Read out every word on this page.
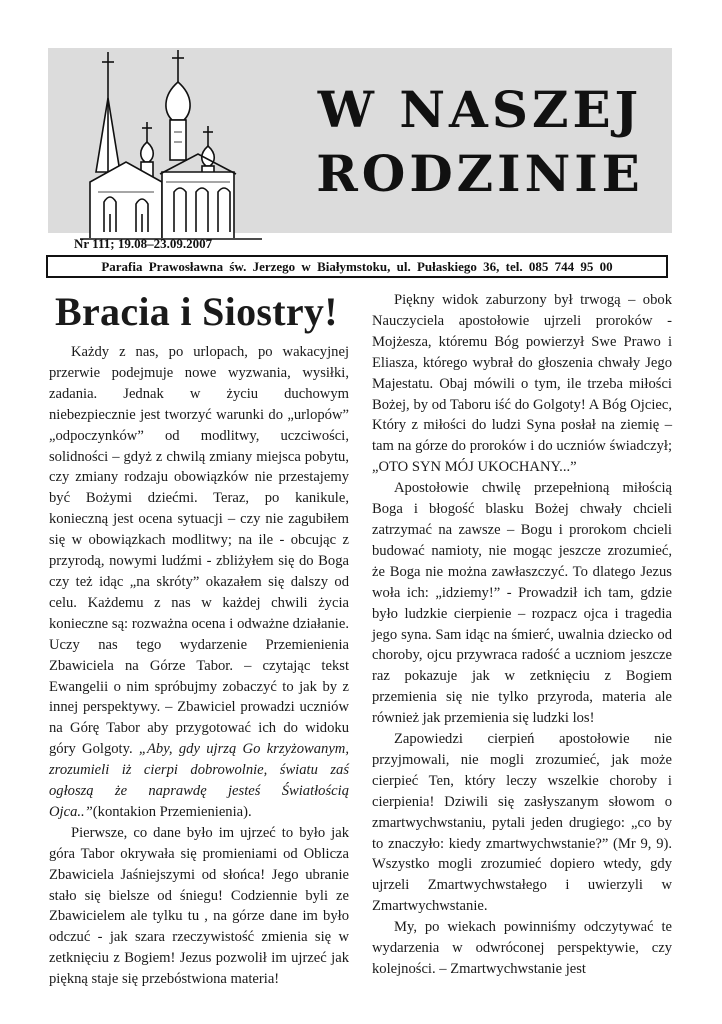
W NASZEJ
RODZINIE
Nr 111; 19.08–23.09.2007
Parafia Prawosławna św. Jerzego w Białymstoku, ul. Pułaskiego 36, tel. 085 744 95 00
Bracia i Siostry!

Każdy z nas, po urlopach, po wakacyjnej przerwie podejmuje nowe wyzwania, wysiłki, zadania. Jednak w życiu duchowym niebezpiecznie jest tworzyć warunki do „urlopów” „odpoczynków” od modlitwy, uczciwości, solidności – gdyż z chwilą zmiany miejsca pobytu, czy zmiany rodzaju obowiązków nie przestajemy być Bożymi dziećmi. Teraz, po kanikule, konieczną jest ocena sytuacji – czy nie zagubiłem się w obowiązkach modlitwy; na ile - obcując z przyrodą, nowymi ludźmi - zbliżyłem się do Boga czy też idąc „na skróty” okazałem się dalszy od celu. Każdemu z nas w każdej chwili życia konieczne są: rozważna ocena i odważne działanie. Uczy nas tego wydarzenie Przemienienia Zbawiciela na Górze Tabor. – czytając tekst Ewangelii o nim spróbujmy zobaczyć to jak by z innej perspektywy. – Zbawiciel prowadzi uczniów na Górę Tabor aby przygotować ich do widoku góry Golgoty. „Aby, gdy ujrzą Go krzyżowanym, zrozumieli iż cierpi dobrowolnie, światu zaś ogłoszą że naprawdę jesteś Światłością Ojca..”(kontakion Przemienienia).

Pierwsze, co dane było im ujrzeć to było jak góra Tabor okrywała się promieniami od Oblicza Zbawiciela Jaśniejszymi od słońca! Jego ubranie stało się bielsze od śniegu! Codziennie byli ze Zbawicielem ale tylku tu , na górze dane im było odczuć - jak szara rzeczywistość zmienia się w zetknięciu z Bogiem! Jezus pozwolił im ujrzeć jak piękną staje się przebóstwiona materia!

Piękny widok zaburzony był trwogą – obok Nauczyciela apostołowie ujrzeli proroków - Mojżesza, któremu Bóg powierzył Swe Prawo i Eliasza, którego wybrał do głoszenia chwały Jego Majestatu. Obaj mówili o tym, ile trzeba miłości Bożej, by od Taboru iść do Golgoty! A Bóg Ojciec, Który z miłości do ludzi Syna posłał na ziemię – tam na górze do proroków i do uczniów świadczył; „OTO SYN MÓJ UKOCHANY...”

Apostołowie chwilę przepełnioną miłością Boga i błogość blasku Bożej chwały chcieli zatrzymać na zawsze – Bogu i prorokom chcieli budować namioty, nie mogąc jeszcze zrozumieć, że Boga nie można zawłaszczyć. To dlatego Jezus woła ich: „idziemy!” - Prowadził ich tam, gdzie było ludzkie cierpienie – rozpacz ojca i tragedia jego syna. Sam idąc na śmierć, uwalnia dziecko od choroby, ojcu przywraca radość a uczniom jeszcze raz pokazuje jak w zetknięciu z Bogiem przemienia się nie tylko przyroda, materia ale również jak przemienia się ludzki los!

Zapowiedzi cierpień apostołowie nie przyjmowali, nie mogli zrozumieć, jak może cierpieć Ten, który leczy wszelkie choroby i cierpienia! Dziwili się zasłyszanym słowom o zmartwychwstaniu, pytali jeden drugiego: „co by to znaczyło: kiedy zmartwychwstanie?” (Mr 9, 9). Wszystko mogli zrozumieć dopiero wtedy, gdy ujrzeli Zmartwychwstałego i uwierzyli w Zmartwychwstanie.

My, po wiekach powinniśmy odczytywać te wydarzenia w odwróconej perspektywie, czy kolejności. – Zmartwychwstanie jest
